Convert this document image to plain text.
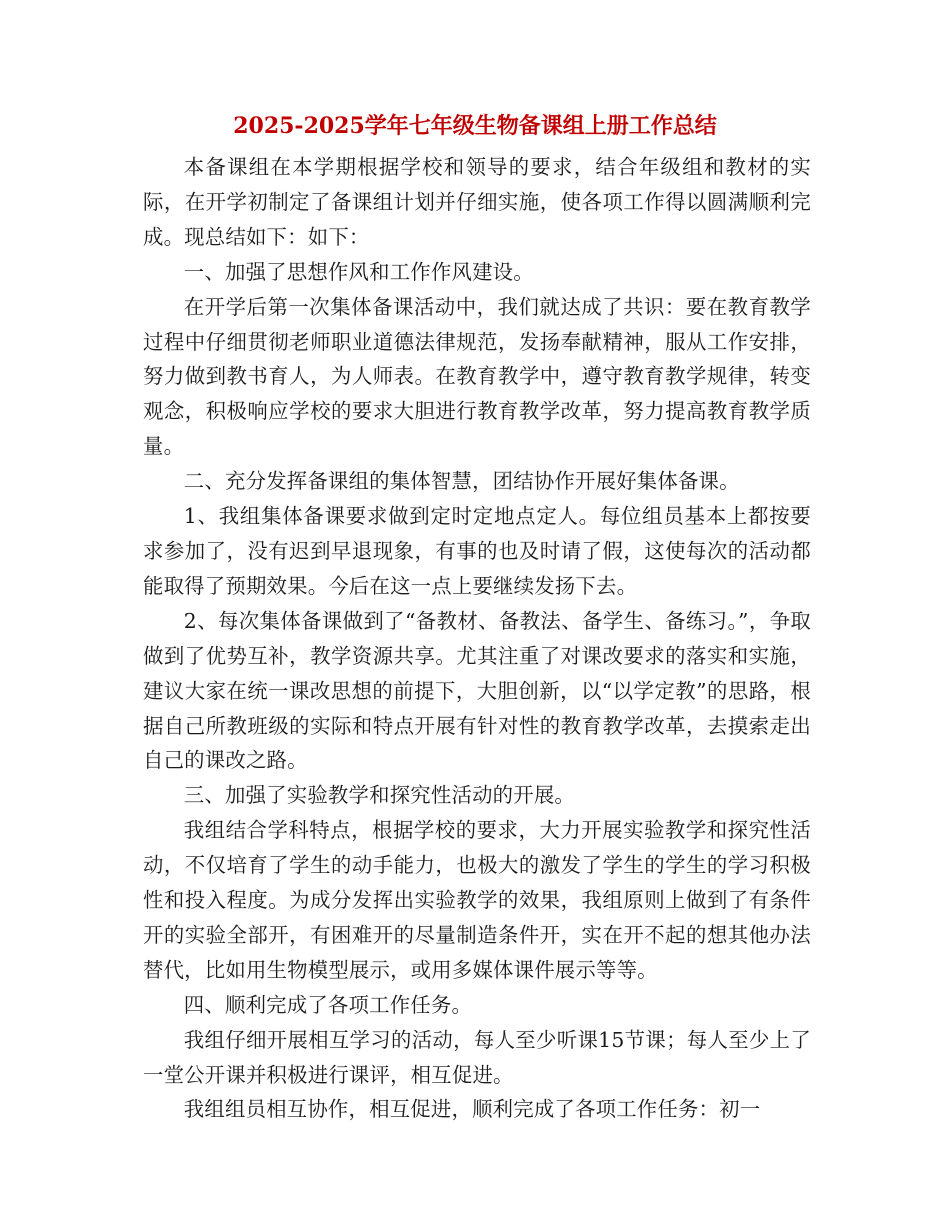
2025-2025学年七年级生物备课组上册工作总结

本备课组在本学期根据学校和领导的要求，结合年级组和教材的实际，在开学初制定了备课组计划并仔细实施，使各项工作得以圆满顺利完成。现总结如下：如下：

一、加强了思想作风和工作作风建设。

在开学后第一次集体备课活动中，我们就达成了共识：要在教育教学过程中仔细贯彻老师职业道德法律规范，发扬奉献精神，服从工作安排，努力做到教书育人，为人师表。在教育教学中，遵守教育教学规律，转变观念，积极响应学校的要求大胆进行教育教学改革，努力提高教育教学质量。

二、充分发挥备课组的集体智慧，团结协作开展好集体备课。

1、我组集体备课要求做到定时定地点定人。每位组员基本上都按要求参加了，没有迟到早退现象，有事的也及时请了假，这使每次的活动都能取得了预期效果。今后在这一点上要继续发扬下去。

2、每次集体备课做到了“备教材、备教法、备学生、备练习。”，争取做到了优势互补，教学资源共享。尤其注重了对课改要求的落实和实施，建议大家在统一课改思想的前提下，大胆创新，以“以学定教”的思路，根据自己所教班级的实际和特点开展有针对性的教育教学改革，去摸索走出自己的课改之路。

三、加强了实验教学和探究性活动的开展。

我组结合学科特点，根据学校的要求，大力开展实验教学和探究性活动，不仅培育了学生的动手能力，也极大的激发了学生的学生的学习积极性和投入程度。为成分发挥出实验教学的效果，我组原则上做到了有条件开的实验全部开，有困难开的尽量制造条件开，实在开不起的想其他办法替代，比如用生物模型展示，或用多媒体课件展示等等。

四、顺利完成了各项工作任务。

我组仔细开展相互学习的活动，每人至少听课15节课；每人至少上了一堂公开课并积极进行课评，相互促进。

我组组员相互协作，相互促进，顺利完成了各项工作任务：初一
